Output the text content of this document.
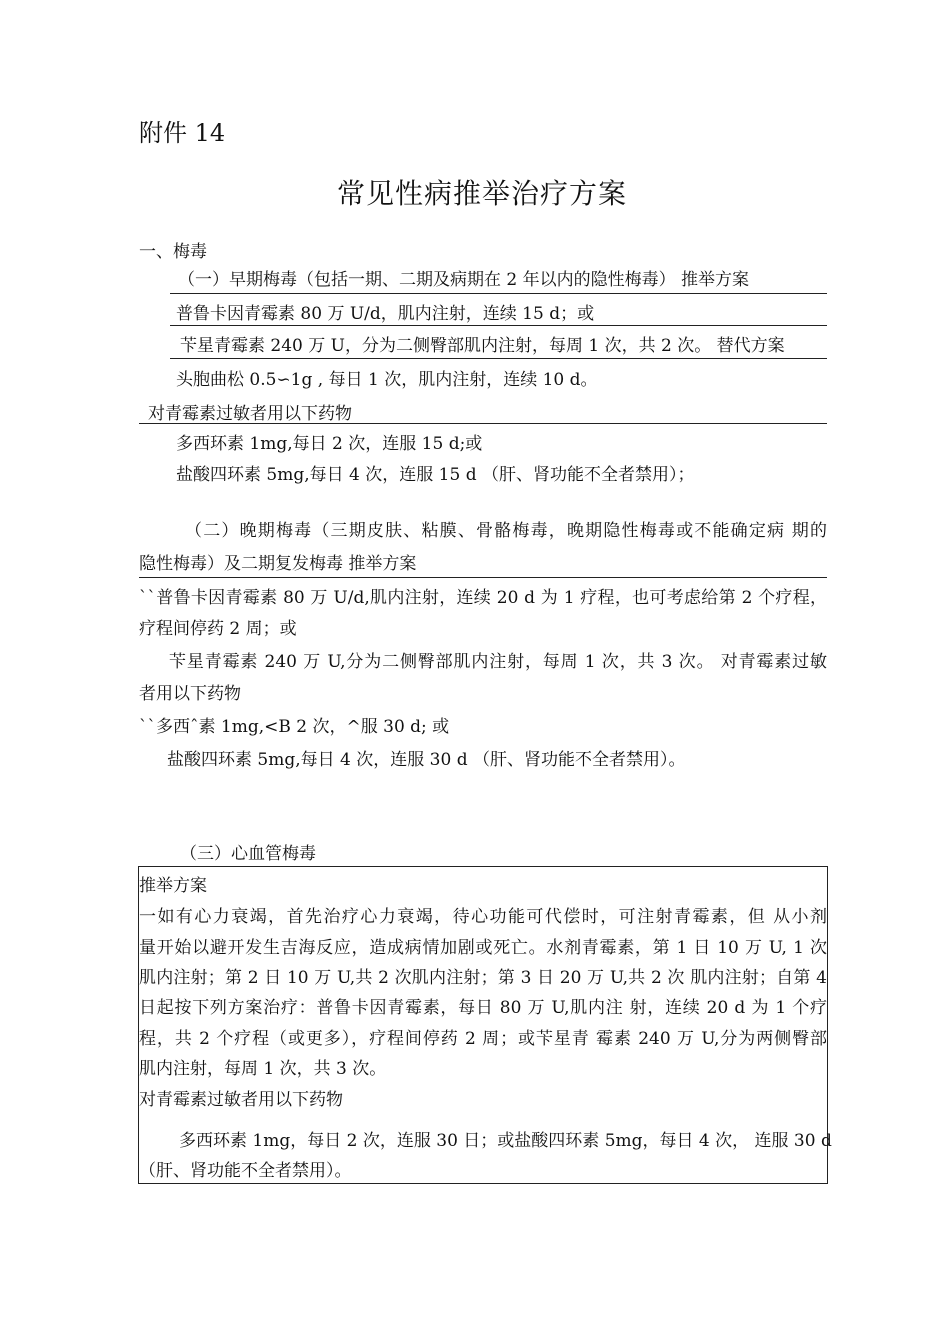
附件 14
常见性病推举治疗方案
一、梅毒
（一）早期梅毒（包括一期、二期及病期在 2 年以内的隐性梅毒） 推举方案
普鲁卡因青霉素 80 万 U/d，肌内注射，连续 15 d；或
苄星青霉素 240 万 U，分为二侧臀部肌内注射，每周 1 次，共 2 次。 替代方案
头胞曲松 0.5∽1g , 每日 1 次，肌内注射，连续 10 d。
对青霉素过敏者用以下药物
多西环素 1mg,每日 2 次，连服 15 d;或
盐酸四环素 5mg,每日 4 次，连服 15 d （肝、肾功能不全者禁用）；
（二）晚期梅毒（三期皮肤、粘膜、骨骼梅毒，晚期隐性梅毒或不能确定病 期的
隐性梅毒）及二期复发梅毒 推举方案
``普鲁卡因青霉素 80 万 U/d,肌内注射，连续 20 d 为 1 疗程，也可考虑给第 2 个疗程，
疗程间停药 2 周；或
苄星青霉素 240 万 U,分为二侧臀部肌内注射，每周 1 次，共 3 次。 对青霉素过敏
者用以下药物
``多西ˆ素 1mg,<B 2 次，^服 30 d; 或
盐酸四环素 5mg,每日 4 次，连服 30 d （肝、肾功能不全者禁用）。
（三）心血管梅毒
推举方案
一如有心力衰竭，首先治疗心力衰竭，待心功能可代偿时，可注射青霉素，但 从小剂
量开始以避开发生吉海反应，造成病情加剧或死亡。水剂青霉素，第 1 日 10 万 U, 1 次
肌内注射；第 2 日 10 万 U,共 2 次肌内注射；第 3 日 20 万 U,共 2 次 肌内注射；自第 4
日起按下列方案治疗：普鲁卡因青霉素，每日 80 万 U,肌内注 射，连续 20 d 为 1 个疗
程，共 2 个疗程（或更多），疗程间停药 2 周；或苄星青 霉素 240 万 U,分为两侧臀部
肌内注射，每周 1 次，共 3 次。
对青霉素过敏者用以下药物
多西环素 1mg，每日 2 次，连服 30 日；或盐酸四环素 5mg，每日 4 次， 连服 30 d
（肝、肾功能不全者禁用）。
